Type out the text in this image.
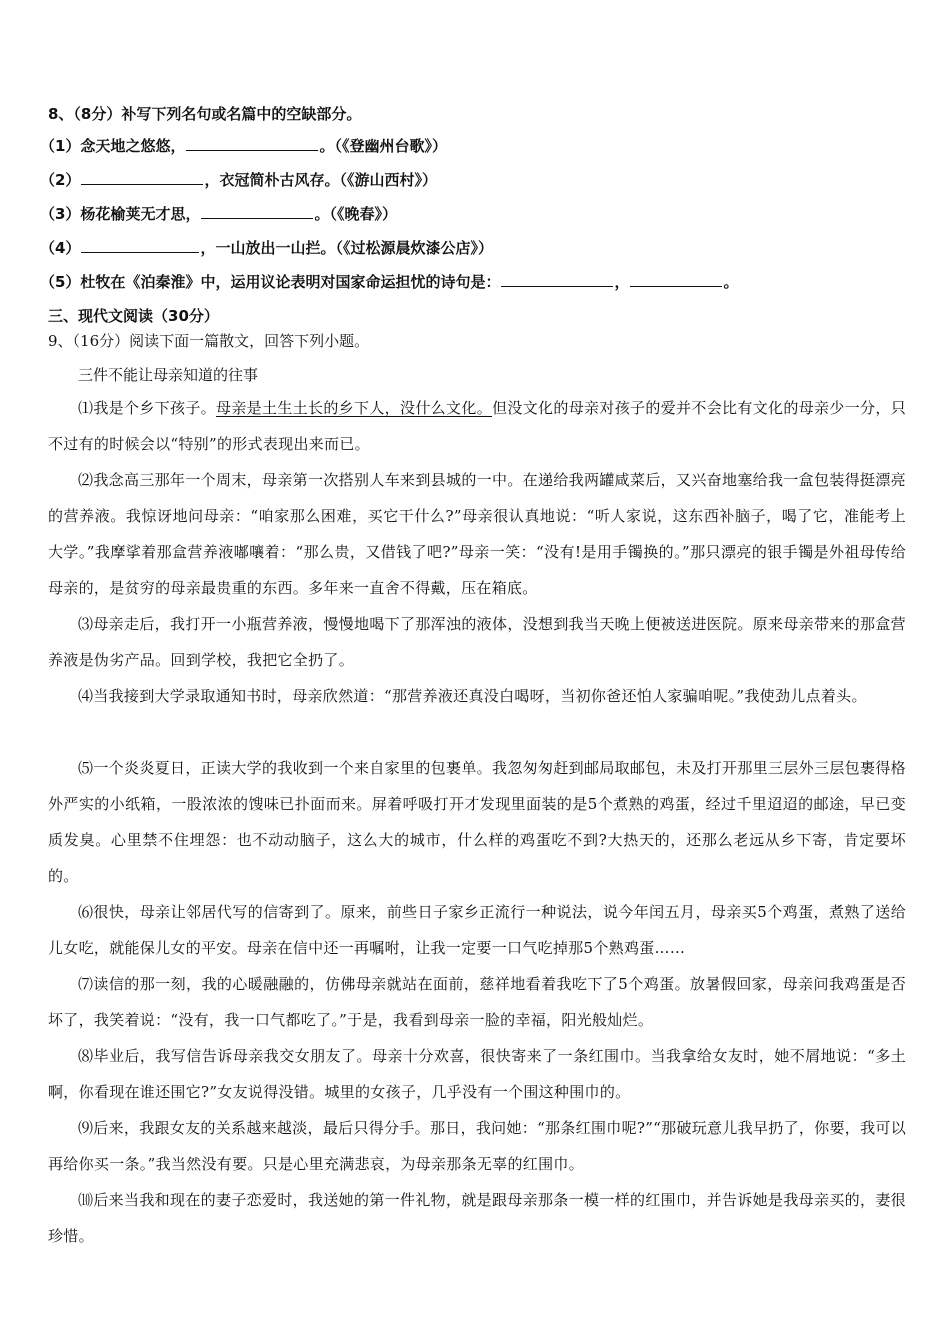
8、（8分）补写下列名句或名篇中的空缺部分。
（1）念天地之悠悠，	。（《登幽州台歌》）
（2）	，衣冠简朴古风存。（《游山西村》）
（3）杨花榆荚无才思，	。（《晚春》）
（4）	，一山放出一山拦。（《过松源晨炊漆公店》）
（5）杜牧在《泊秦淮》中，运用议论表明对国家命运担忧的诗句是：	，	。
三、现代文阅读（30分）
9、（16分）阅读下面一篇散文，回答下列小题。
三件不能让母亲知道的往事
⑴我是个乡下孩子。母亲是土生土长的乡下人，没什么文化。但没文化的母亲对孩子的爱并不会比有文化的母亲少一分，只不过有的时候会以“特别”的形式表现出来而已。
⑵我念高三那年一个周末，母亲第一次搭别人车来到县城的一中。在递给我两罐咸菜后，又兴奋地塞给我一盒包装得挺漂亮的营养液。我惊讶地问母亲：“咱家那么困难，买它干什么?”母亲很认真地说：“听人家说，这东西补脑子，喝了它，准能考上大学。”我摩挲着那盒营养液嘟嚷着：“那么贵，又借钱了吧?”母亲一笑：“没有!是用手镯换的。”那只漂亮的银手镯是外祖母传给母亲的，是贫穷的母亲最贵重的东西。多年来一直舍不得戴，压在箱底。
⑶母亲走后，我打开一小瓶营养液，慢慢地喝下了那浑浊的液体，没想到我当天晚上便被送进医院。原来母亲带来的那盒营养液是伪劣产品。回到学校，我把它全扔了。
⑷当我接到大学录取通知书时，母亲欣然道：“那营养液还真没白喝呀，当初你爸还怕人家骗咱呢。”我使劲儿点着头。
⑸一个炎炎夏日，正读大学的我收到一个来自家里的包裹单。我忽匆匆赶到邮局取邮包，未及打开那里三层外三层包裹得格外严实的小纸箱，一股浓浓的馊味已扑面而来。屏着呼吸打开才发现里面装的是5个煮熟的鸡蛋，经过千里迢迢的邮途，早已变质发臭。心里禁不住埋怨：也不动动脑子，这么大的城市，什么样的鸡蛋吃不到?大热天的，还那么老远从乡下寄，肯定要坏的。
⑹很快，母亲让邻居代写的信寄到了。原来，前些日子家乡正流行一种说法，说今年闰五月，母亲买5个鸡蛋，煮熟了送给儿女吃，就能保儿女的平安。母亲在信中还一再嘱咐，让我一定要一口气吃掉那5个熟鸡蛋……
⑺读信的那一刻，我的心暖融融的，仿佛母亲就站在面前，慈祥地看着我吃下了5个鸡蛋。放暑假回家，母亲问我鸡蛋是否坏了，我笑着说：“没有，我一口气都吃了。”于是，我看到母亲一脸的幸福，阳光般灿烂。
⑻毕业后，我写信告诉母亲我交女朋友了。母亲十分欢喜，很快寄来了一条红围巾。当我拿给女友时，她不屑地说：“多土啊，你看现在谁还围它?”女友说得没错。城里的女孩子，几乎没有一个围这种围巾的。
⑼后来，我跟女友的关系越来越淡，最后只得分手。那日，我问她：“那条红围巾呢?”“那破玩意儿我早扔了，你要，我可以再给你买一条。”我当然没有要。只是心里充满悲哀，为母亲那条无辜的红围巾。
⑽后来当我和现在的妻子恋爱时，我送她的第一件礼物，就是跟母亲那条一模一样的红围巾，并告诉她是我母亲买的，妻很珍惜。
